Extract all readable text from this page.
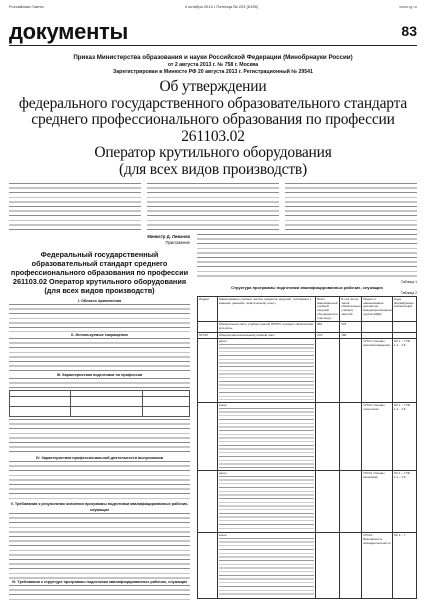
Российская Газета	4 октября 2013 • Пятница № 223 (6198)	www.rg.ru
документы	83
Приказ Министерства образования и науки Российской Федерации (Минобрнауки России)
от 2 августа 2013 г. № 758 г. Москва
Зарегистрирован в Минюсте РФ 20 августа 2013 г. Регистрационный № 29541
Об утверждении
федерального государственного образовательного стандарта
среднего профессионального образования по профессии 261103.02
Оператор крутильного оборудования
(для всех видов производств)
Министр Д. Ливанов
Приложение
Федеральный государственный образовательный стандарт среднего профессионального образования по профессии 261103.02 Оператор крутильного оборудования (для всех видов производств)
I. Область применения
II. Используемые сокращения
III. Характеристика подготовки по профессии

IV. Характеристика профессиональной деятельности выпускников
V. Требования к результатам освоения программы подготовки квалифицированных рабочих, служащих
VI. Требования к структуре программы подготовки квалифицированных рабочих, служащих
Таблица 1
Структура программы подготовки квалифицированных рабочих, служащих
Таблица 2
Индекс	Наименование учебных циклов, разделов, модулей, требования к знаниям, умениям, практическому опыту	Всего максимальной учебной нагрузки обучающегося (час./нед.)	В том числе часов обязательных учебных занятий	Индекс и наименование дисциплин, междисциплинарных курсов (МДК)	Коды формируемых компетенций
	Обязательная часть учебных циклов ППКРС и раздел «Физическая культура»	864	576		
ОП.00	Общепрофессиональный учебный цикл	270	180		

	уметь:			ОП.01. Основы материаловедения	ОК 1 – 7 ПК 1.1 – 1.6

	знать:			ОП.02. Основы технологии	ОК 1 – 7 ПК 1.1 – 1.6

	уметь:			ОП.03. Основы экономики	ОК 1 – 7 ПК 1.1 – 1.5

	знать:			ОП.04. Безопасность жизнедеятельности	ОК 1 – 7
